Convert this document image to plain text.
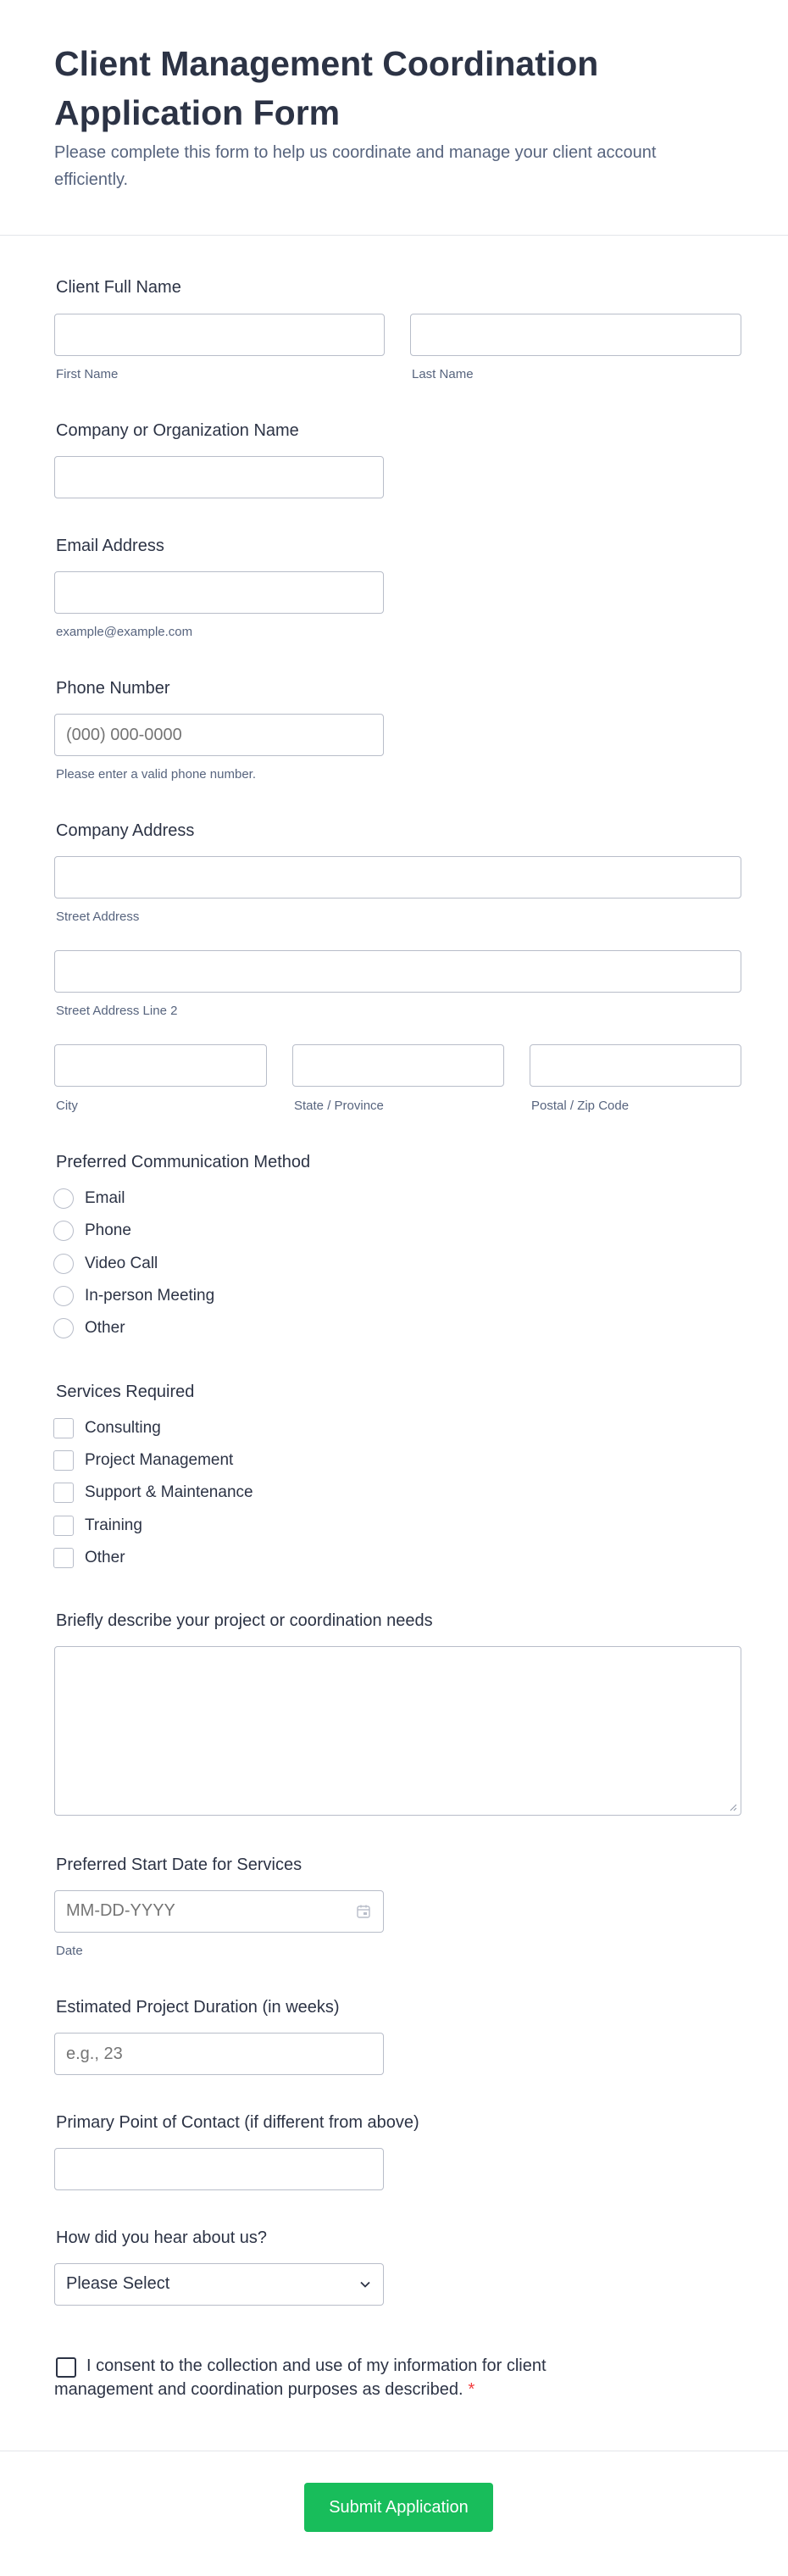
Client Management Coordination
Application Form
Please complete this form to help us coordinate and manage your client account efficiently.
Client Full Name
First Name	Last Name
Company or Organization Name
Email Address
example@example.com
Phone Number
(000) 000-0000
Please enter a valid phone number.
Company Address
Street Address
Street Address Line 2
City	State / Province	Postal / Zip Code
Preferred Communication Method
Email
Phone
Video Call
In-person Meeting
Other
Services Required
Consulting
Project Management
Support & Maintenance
Training
Other
Briefly describe your project or coordination needs
Preferred Start Date for Services
MM-DD-YYYY
Date
Estimated Project Duration (in weeks)
e.g., 23
Primary Point of Contact (if different from above)
How did you hear about us?
Please Select
I consent to the collection and use of my information for client management and coordination purposes as described. *
Submit Application
